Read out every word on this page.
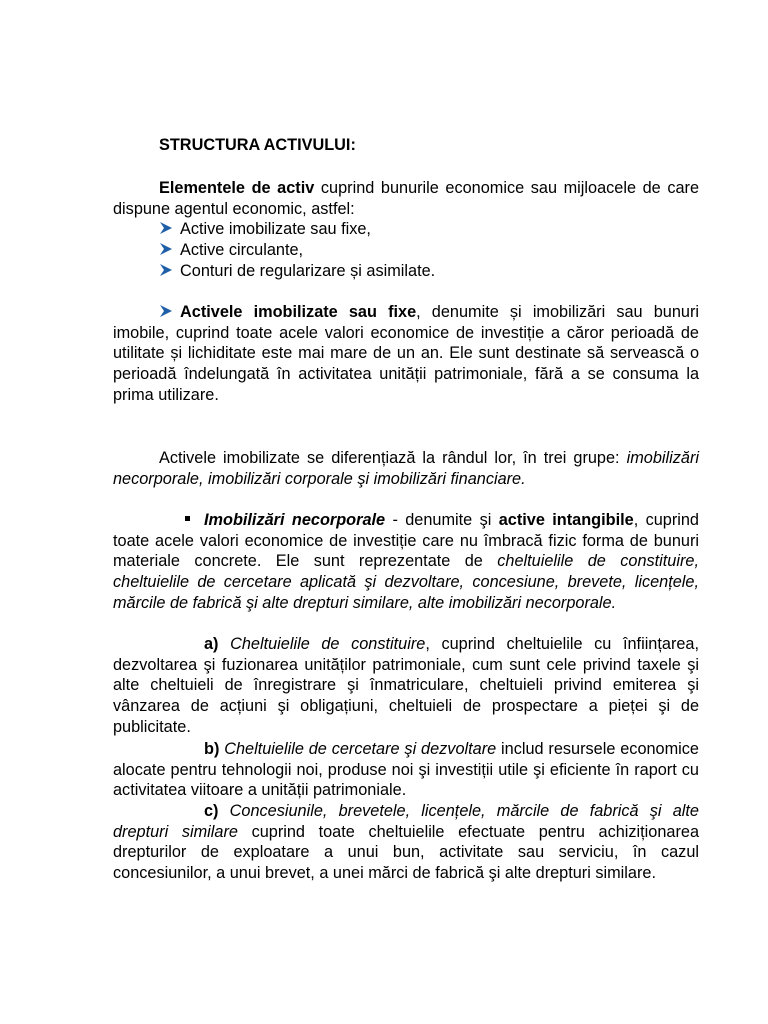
STRUCTURA ACTIVULUI:

Elementele de activ cuprind bunurile economice sau mijloacele de care dispune agentul economic, astfel:

Active imobilizate sau fixe,

Active circulante,

Conturi de regularizare și asimilate.

Activele imobilizate sau fixe, denumite și imobilizări sau bunuri imobile, cuprind toate acele valori economice de investiție a căror perioadă de utilitate și lichiditate este mai mare de un an. Ele sunt destinate să servească o perioadă îndelungată în activitatea unității patrimoniale, fără a se consuma la prima utilizare.

Activele imobilizate se diferențiază la rândul lor, în trei grupe: imobilizări necorporale, imobilizări corporale şi imobilizări financiare.

Imobilizări necorporale - denumite şi active intangibile, cuprind toate acele valori economice de investiție care nu îmbracă fizic forma de bunuri materiale concrete. Ele sunt reprezentate de cheltuielile de constituire, cheltuielile de cercetare aplicată şi dezvoltare, concesiune, brevete, licențele, mărcile de fabrică şi alte drepturi similare, alte imobilizări necorporale.

a) Cheltuielile de constituire, cuprind cheltuielile cu înființarea, dezvoltarea şi fuzionarea unităților patrimoniale, cum sunt cele privind taxele şi alte cheltuieli de înregistrare şi înmatriculare, cheltuieli privind emiterea şi vânzarea de acțiuni şi obligațiuni, cheltuieli de prospectare a pieței şi de publicitate.

b) Cheltuielile de cercetare şi dezvoltare includ resursele economice alocate pentru tehnologii noi, produse noi şi investiții utile şi eficiente în raport cu activitatea viitoare a unității patrimoniale.

c) Concesiunile, brevetele, licențele, mărcile de fabrică şi alte drepturi similare cuprind toate cheltuielile efectuate pentru achiziționarea drepturilor de exploatare a unui bun, activitate sau serviciu, în cazul concesiunilor, a unui brevet, a unei mărci de fabrică şi alte drepturi similare.
